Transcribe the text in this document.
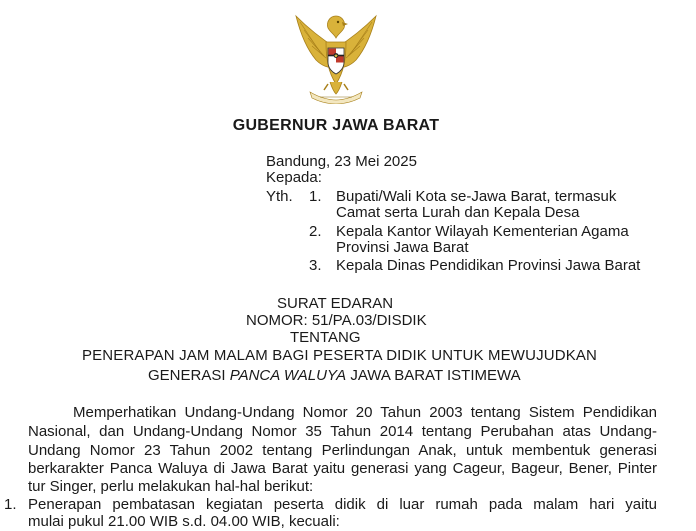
GUBERNUR JAWA BARAT
Bandung, 23 Mei 2025
Kepada:
Yth. 1. Bupati/Wali Kota se-Jawa Barat, termasuk
Camat serta Lurah dan Kepala Desa
2. Kepala Kantor Wilayah Kementerian Agama
Provinsi Jawa Barat
3. Kepala Dinas Pendidikan Provinsi Jawa Barat
SURAT EDARAN
NOMOR: 51/PA.03/DISDIK
TENTANG
PENERAPAN JAM MALAM BAGI PESERTA DIDIK UNTUK MEWUJUDKAN
GENERASI PANCA WALUYA JAWA BARAT ISTIMEWA
Memperhatikan Undang-Undang Nomor 20 Tahun 2003 tentang Sistem Pendidikan
Nasional, dan Undang-Undang Nomor 35 Tahun 2014 tentang Perubahan atas Undang-
Undang Nomor 23 Tahun 2002 tentang Perlindungan Anak, untuk membentuk generasi
berkarakter Panca Waluya di Jawa Barat yaitu generasi yang Cageur, Bageur, Bener, Pinter
tur Singer, perlu melakukan hal-hal berikut:
1. Penerapan pembatasan kegiatan peserta didik di luar rumah pada malam hari yaitu
mulai pukul 21.00 WIB s.d. 04.00 WIB, kecuali:
